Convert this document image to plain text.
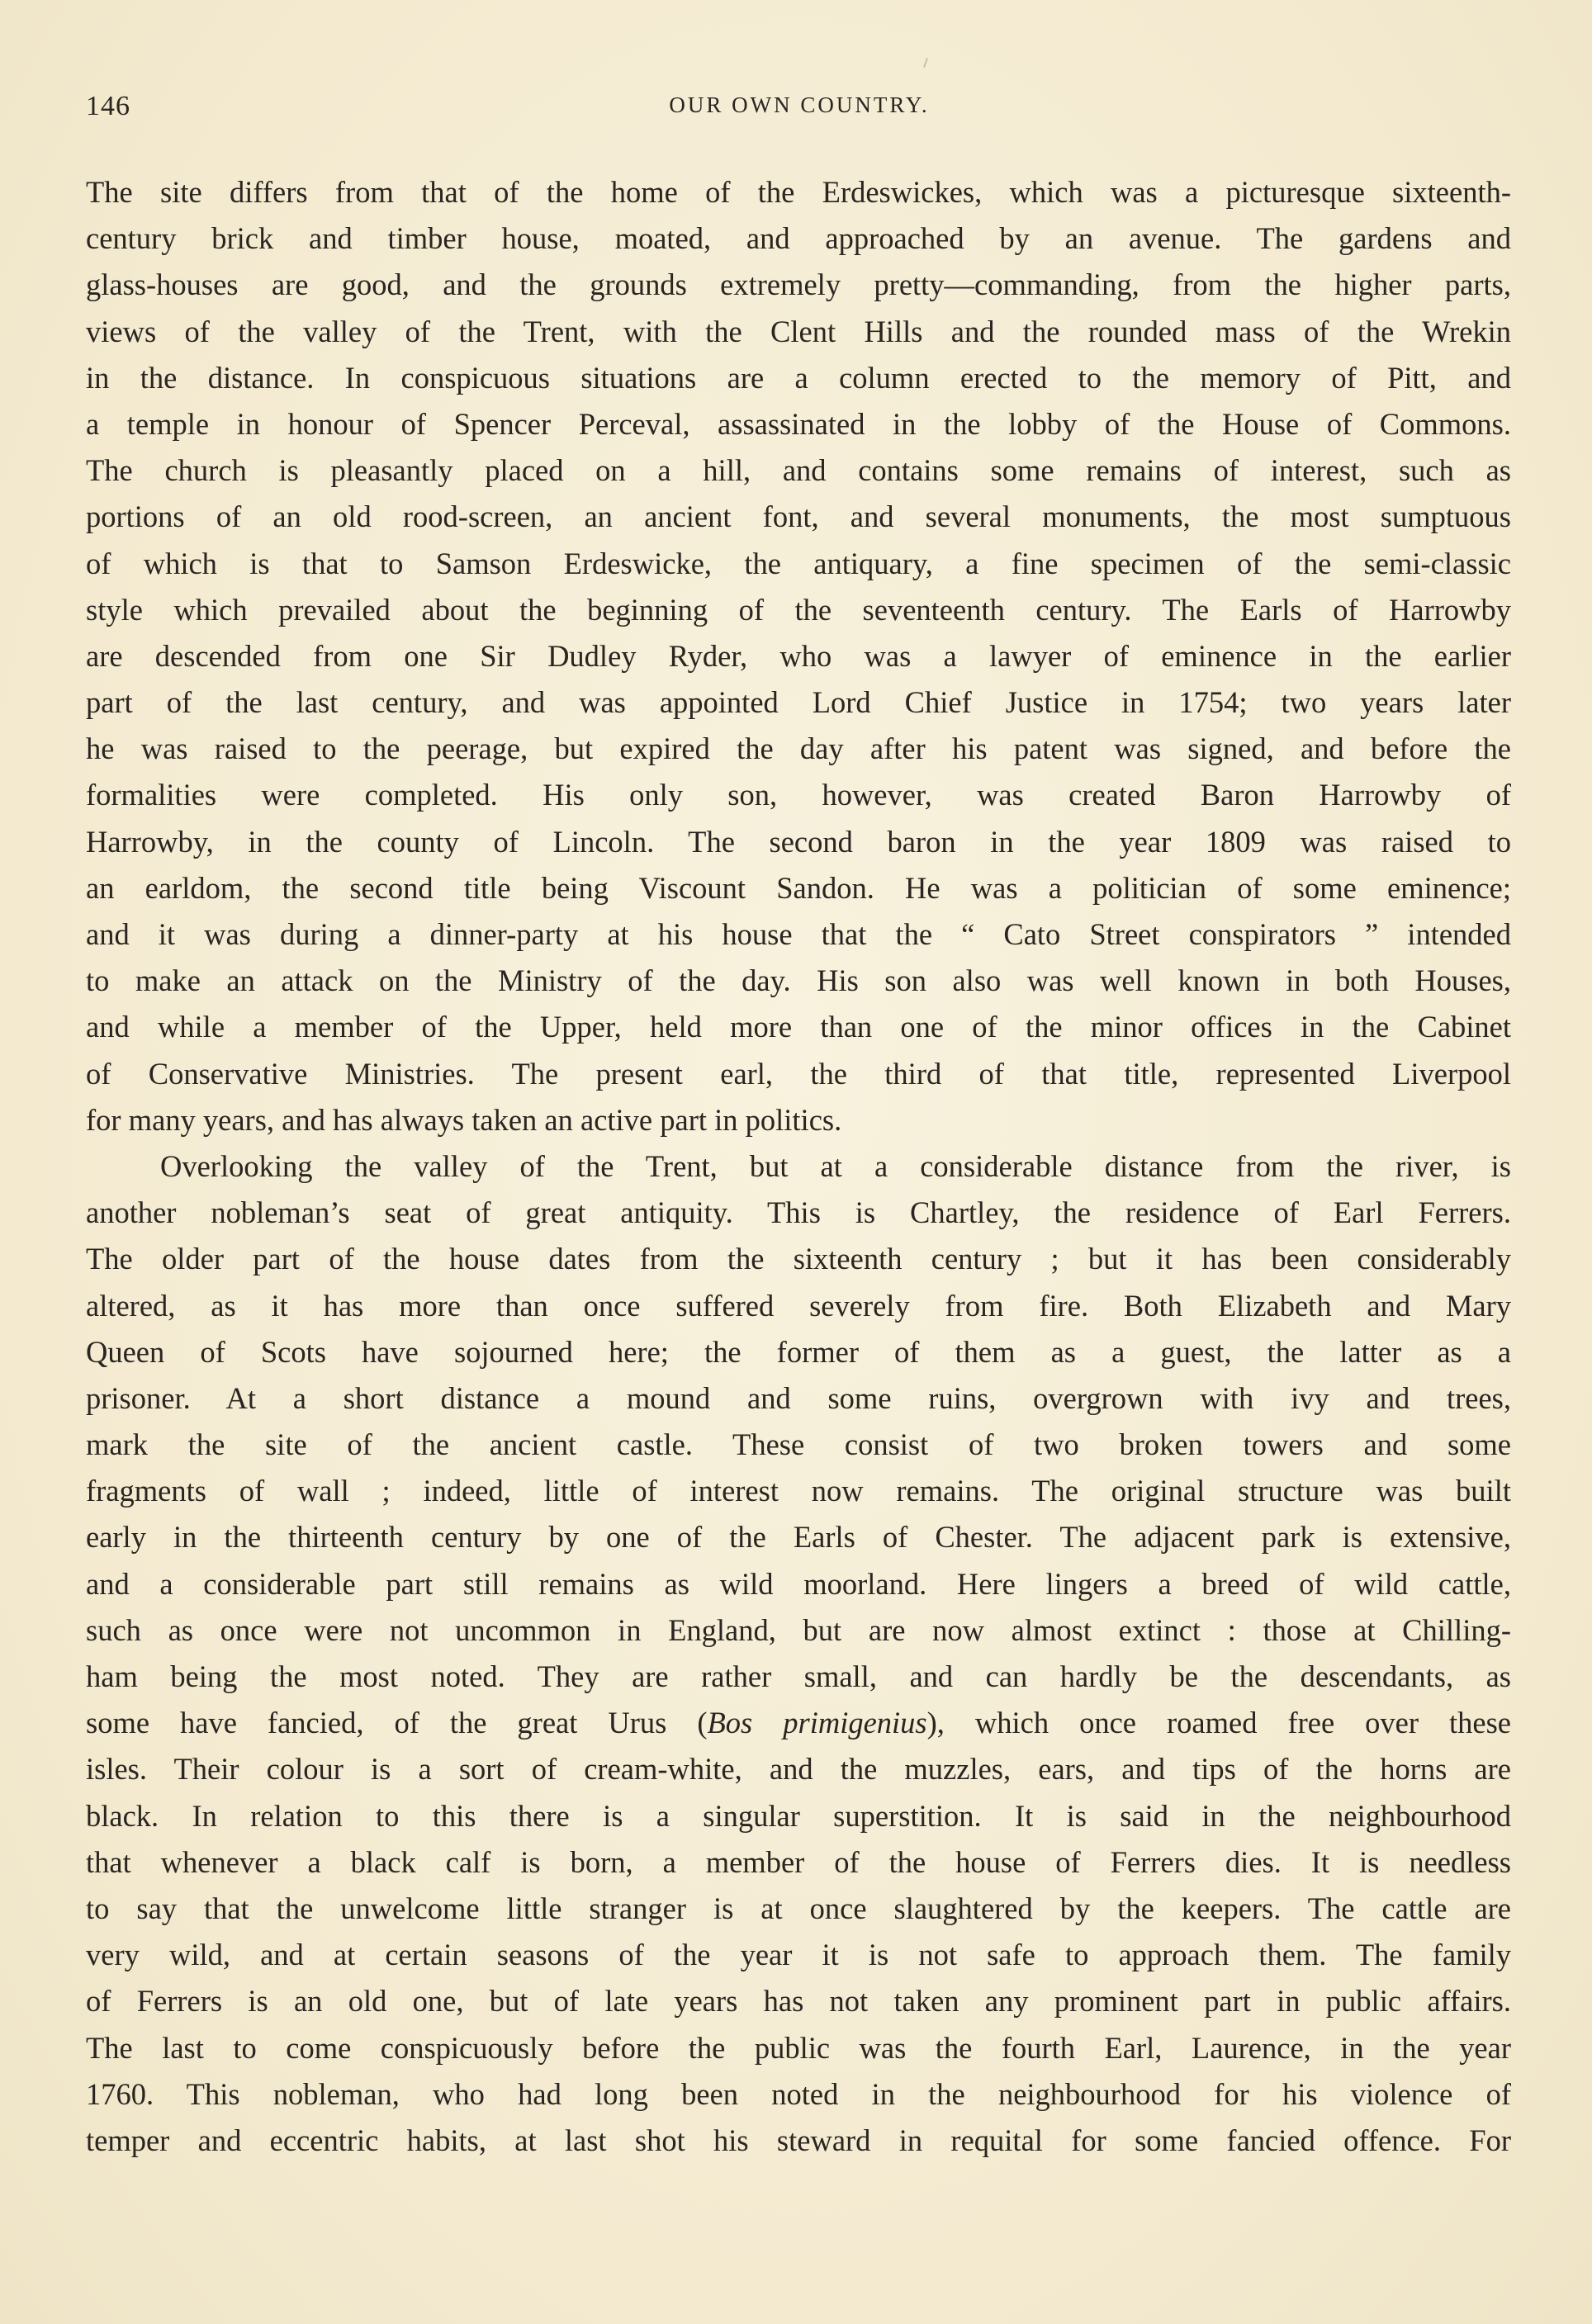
146	OUR OWN COUNTRY.
The site differs from that of the home of the Erdeswickes, which was a picturesque sixteenth-
century brick and timber house, moated, and approached by an avenue. The gardens and
glass-houses are good, and the grounds extremely pretty—commanding, from the higher parts,
views of the valley of the Trent, with the Clent Hills and the rounded mass of the Wrekin
in the distance. In conspicuous situations are a column erected to the memory of Pitt, and
a temple in honour of Spencer Perceval, assassinated in the lobby of the House of Commons.
The church is pleasantly placed on a hill, and contains some remains of interest, such as
portions of an old rood-screen, an ancient font, and several monuments, the most sumptuous
of which is that to Samson Erdeswicke, the antiquary, a fine specimen of the semi-classic
style which prevailed about the beginning of the seventeenth century. The Earls of Harrowby
are descended from one Sir Dudley Ryder, who was a lawyer of eminence in the earlier
part of the last century, and was appointed Lord Chief Justice in 1754; two years later
he was raised to the peerage, but expired the day after his patent was signed, and before the
formalities were completed. His only son, however, was created Baron Harrowby of
Harrowby, in the county of Lincoln. The second baron in the year 1809 was raised to
an earldom, the second title being Viscount Sandon. He was a politician of some eminence;
and it was during a dinner-party at his house that the “ Cato Street conspirators ” intended
to make an attack on the Ministry of the day. His son also was well known in both Houses,
and while a member of the Upper, held more than one of the minor offices in the Cabinet
of Conservative Ministries. The present earl, the third of that title, represented Liverpool
for many years, and has always taken an active part in politics.
Overlooking the valley of the Trent, but at a considerable distance from the river, is
another nobleman’s seat of great antiquity. This is Chartley, the residence of Earl Ferrers.
The older part of the house dates from the sixteenth century ; but it has been considerably
altered, as it has more than once suffered severely from fire. Both Elizabeth and Mary
Queen of Scots have sojourned here; the former of them as a guest, the latter as a
prisoner. At a short distance a mound and some ruins, overgrown with ivy and trees,
mark the site of the ancient castle. These consist of two broken towers and some
fragments of wall ; indeed, little of interest now remains. The original structure was built
early in the thirteenth century by one of the Earls of Chester. The adjacent park is extensive,
and a considerable part still remains as wild moorland. Here lingers a breed of wild cattle,
such as once were not uncommon in England, but are now almost extinct : those at Chilling-
ham being the most noted. They are rather small, and can hardly be the descendants, as
some have fancied, of the great Urus (Bos primigenius), which once roamed free over these
isles. Their colour is a sort of cream-white, and the muzzles, ears, and tips of the horns are
black. In relation to this there is a singular superstition. It is said in the neighbourhood
that whenever a black calf is born, a member of the house of Ferrers dies. It is needless
to say that the unwelcome little stranger is at once slaughtered by the keepers. The cattle are
very wild, and at certain seasons of the year it is not safe to approach them. The family
of Ferrers is an old one, but of late years has not taken any prominent part in public affairs.
The last to come conspicuously before the public was the fourth Earl, Laurence, in the year
1760. This nobleman, who had long been noted in the neighbourhood for his violence of
temper and eccentric habits, at last shot his steward in requital for some fancied offence. For
